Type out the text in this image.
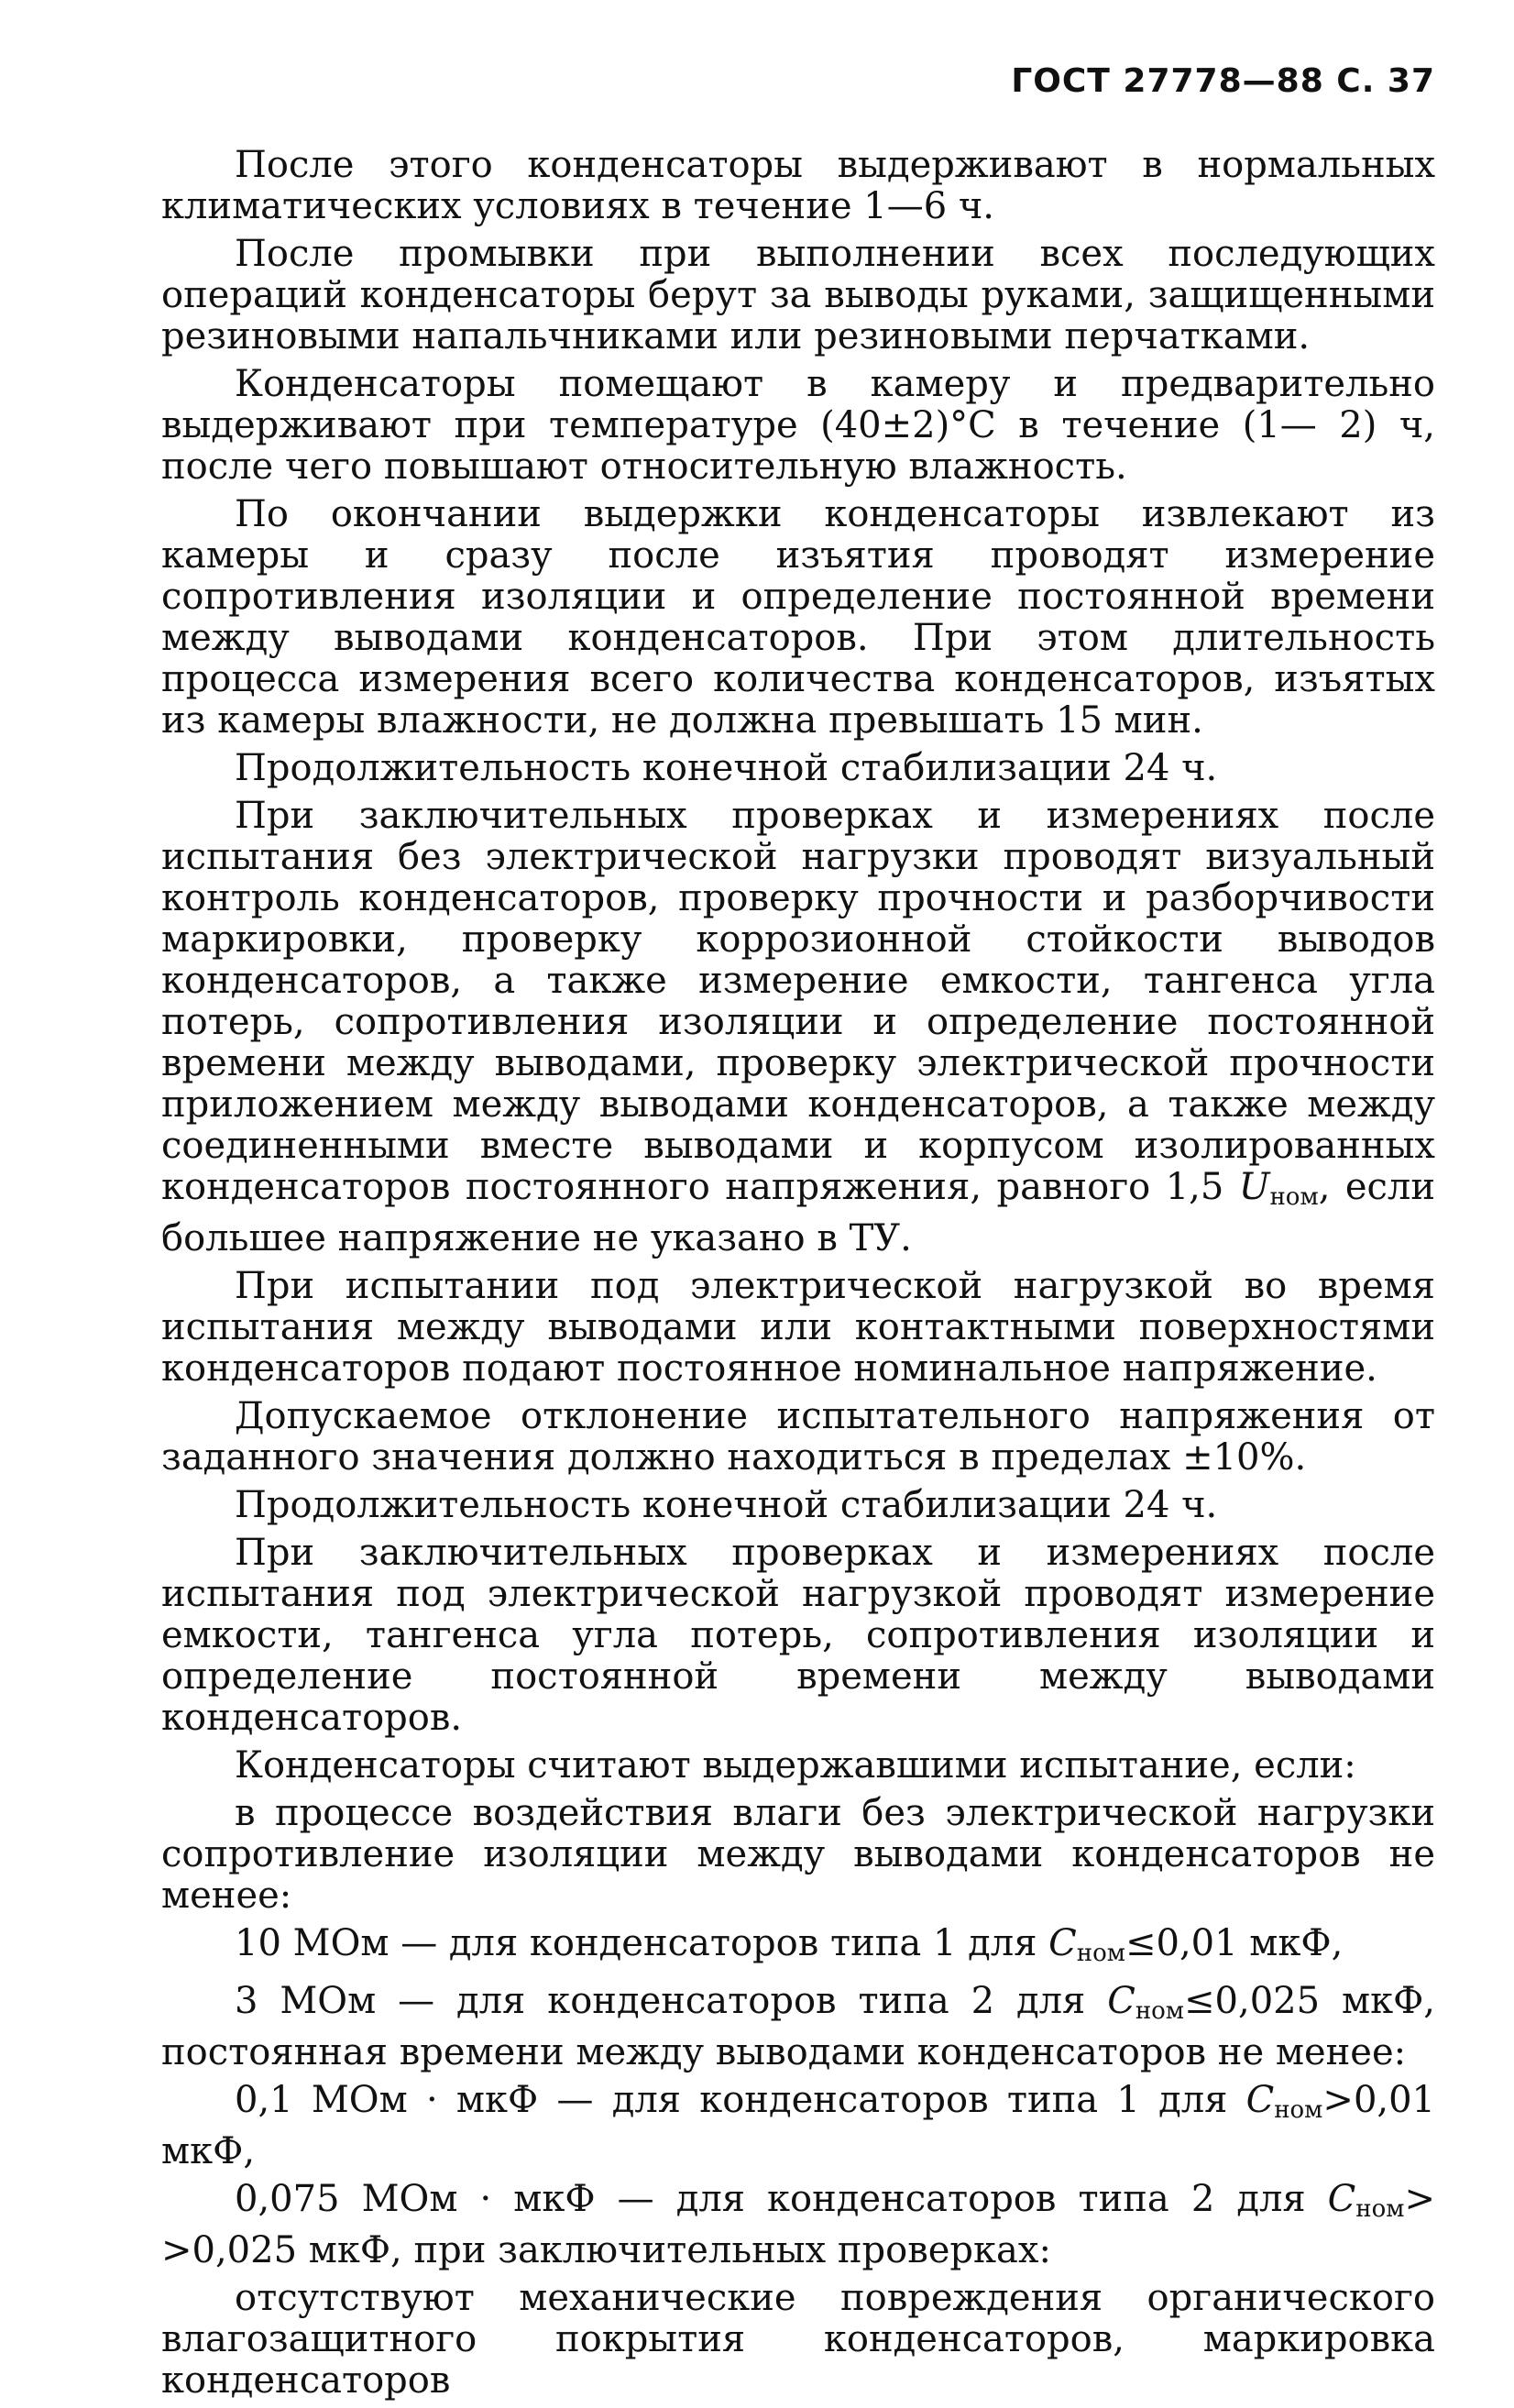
ГОСТ 27778—88 С. 37

После этого конденсаторы выдерживают в нормальных климатических условиях в течение 1—6 ч.

После промывки при выполнении всех последующих операций конденсаторы берут за выводы руками, защищенными резиновыми напальчниками или резиновыми перчатками.

Конденсаторы помещают в камеру и предварительно выдерживают при температуре (40±2)°С в течение (1— 2) ч, после чего повышают относительную влажность.

По окончании выдержки конденсаторы извлекают из камеры и сразу после изъятия проводят измерение сопротивления изоляции и определение постоянной времени между выводами конденсаторов. При этом длительность процесса измерения всего количества конденсаторов, изъятых из камеры влажности, не должна превышать 15 мин.

Продолжительность конечной стабилизации 24 ч.

При заключительных проверках и измерениях после испытания без электрической нагрузки проводят визуальный контроль конденсаторов, проверку прочности и разборчивости маркировки, проверку коррозионной стойкости выводов конденсаторов, а также измерение емкости, тангенса угла потерь, сопротивления изоляции и определение постоянной времени между выводами, проверку электрической прочности приложением между выводами конденсаторов, а также между соединенными вместе выводами и корпусом изолированных конденсаторов постоянного напряжения, равного 1,5 $U_{ном}$, если большее напряжение не указано в ТУ.

При испытании под электрической нагрузкой во время испытания между выводами или контактными поверхностями конденсаторов подают постоянное номинальное напряжение.

Допускаемое отклонение испытательного напряжения от заданного значения должно находиться в пределах ±10%.

Продолжительность конечной стабилизации 24 ч.

При заключительных проверках и измерениях после испытания под электрической нагрузкой проводят измерение емкости, тангенса угла потерь, сопротивления изоляции и определение постоянной времени между выводами конденсаторов.

Конденсаторы считают выдержавшими испытание, если:

в процессе воздействия влаги без электрической нагрузки сопротивление изоляции между выводами конденсаторов не менее:

10 МОм — для конденсаторов типа 1 для $C_{ном}\le 0,01$ мкФ,

3 МОм — для конденсаторов типа 2 для $C_{ном}\le 0,025$ мкФ, постоянная времени между выводами конденсаторов не менее:

0,1 МОм · мкФ — для конденсаторов типа 1 для $C_{ном}>0,01$ мкФ,

0,075 МОм · мкФ — для конденсаторов типа 2 для $C_{ном}> >0,025$ мкФ, при заключительных проверках:

отсутствуют механические повреждения органического влагозащитного покрытия конденсаторов, маркировка конденсаторов
